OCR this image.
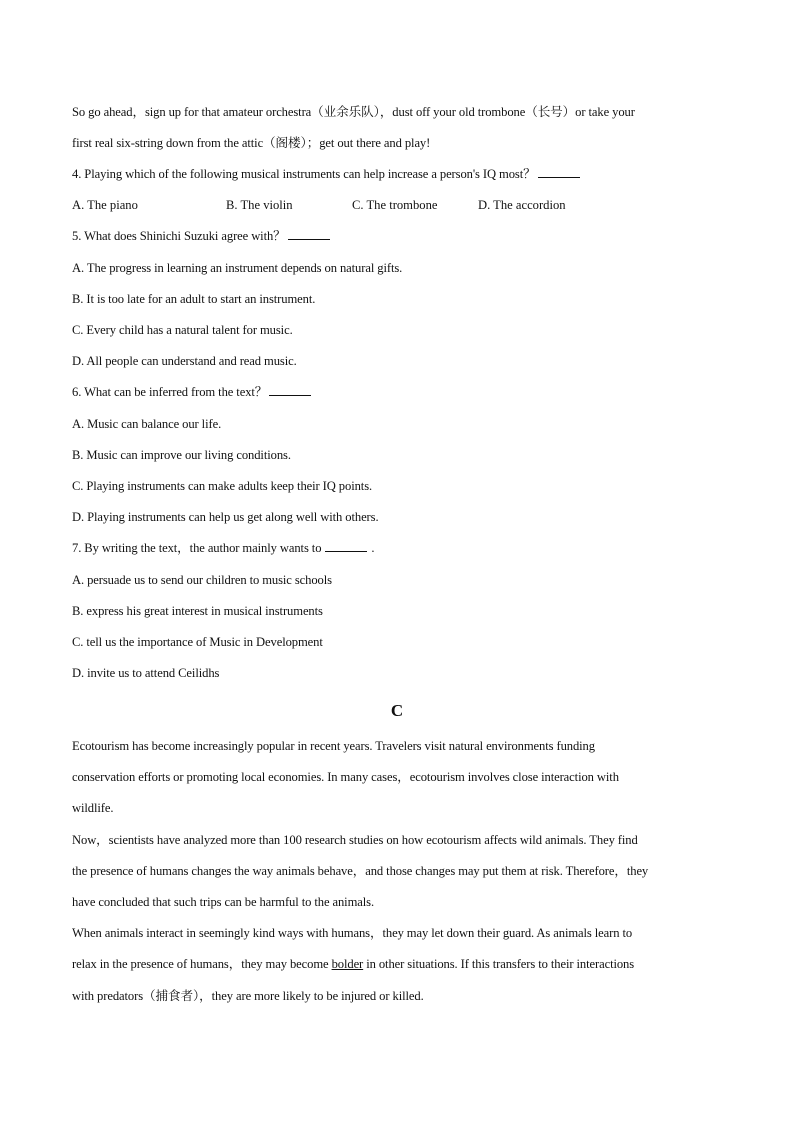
So go ahead，sign up for that amateur orchestra（业余乐队），dust off your old trombone（长号）or take your
first real six-string down from the attic（阁楼）；get out there and play!
4. Playing which of the following musical instruments can help increase a person's IQ most？
A. The piano	B. The violin	C. The trombone	D. The accordion
5. What does Shinichi Suzuki agree with？
A. The progress in learning an instrument depends on natural gifts.
B. It is too late for an adult to start an instrument.
C. Every child has a natural talent for music.
D. All people can understand and read music.
6. What can be inferred from the text？
A. Music can balance our life.
B. Music can improve our living conditions.
C. Playing instruments can make adults keep their IQ points.
D. Playing instruments can help us get along well with others.
7. By writing the text，the author mainly wants to	.
A. persuade us to send our children to music schools
B. express his great interest in musical instruments
C. tell us the importance of Music in Development
D. invite us to attend Ceilidhs
C
Ecotourism has become increasingly popular in recent years. Travelers visit natural environments funding
conservation efforts or promoting local economies. In many cases，ecotourism involves close interaction with
wildlife.
Now，scientists have analyzed more than 100 research studies on how ecotourism affects wild animals. They find
the presence of humans changes the way animals behave，and those changes may put them at risk. Therefore，they
have concluded that such trips can be harmful to the animals.
When animals interact in seemingly kind ways with humans，they may let down their guard. As animals learn to
relax in the presence of humans，they may become bolder in other situations. If this transfers to their interactions
with predators（捕食者），they are more likely to be injured or killed.
